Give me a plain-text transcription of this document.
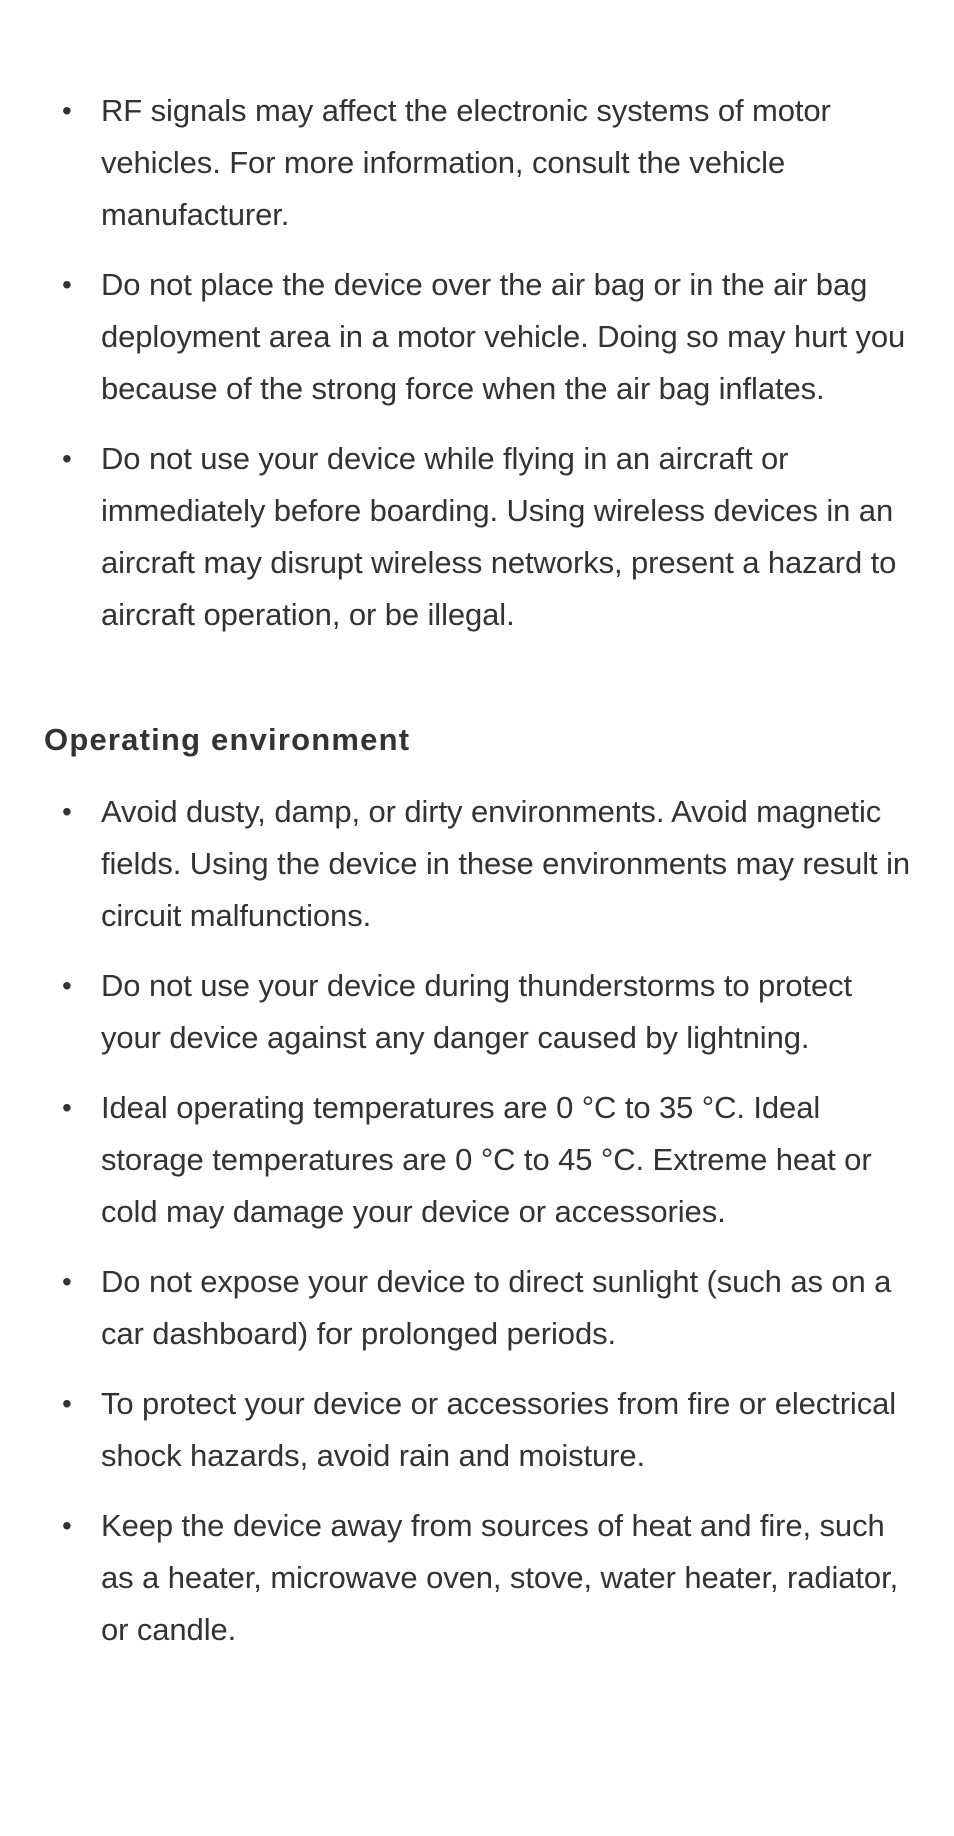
• RF signals may affect the electronic systems of motor vehicles. For more information, consult the vehicle manufacturer.
• Do not place the device over the air bag or in the air bag deployment area in a motor vehicle. Doing so may hurt you because of the strong force when the air bag inflates.
• Do not use your device while flying in an aircraft or immediately before boarding. Using wireless devices in an aircraft may disrupt wireless networks, present a hazard to aircraft operation, or be illegal.
Operating environment
• Avoid dusty, damp, or dirty environments. Avoid magnetic fields. Using the device in these environments may result in circuit malfunctions.
• Do not use your device during thunderstorms to protect your device against any danger caused by lightning.
• Ideal operating temperatures are 0 °C to 35 °C. Ideal storage temperatures are 0 °C to 45 °C. Extreme heat or cold may damage your device or accessories.
• Do not expose your device to direct sunlight (such as on a car dashboard) for prolonged periods.
• To protect your device or accessories from fire or electrical shock hazards, avoid rain and moisture.
• Keep the device away from sources of heat and fire, such as a heater, microwave oven, stove, water heater, radiator, or candle.
